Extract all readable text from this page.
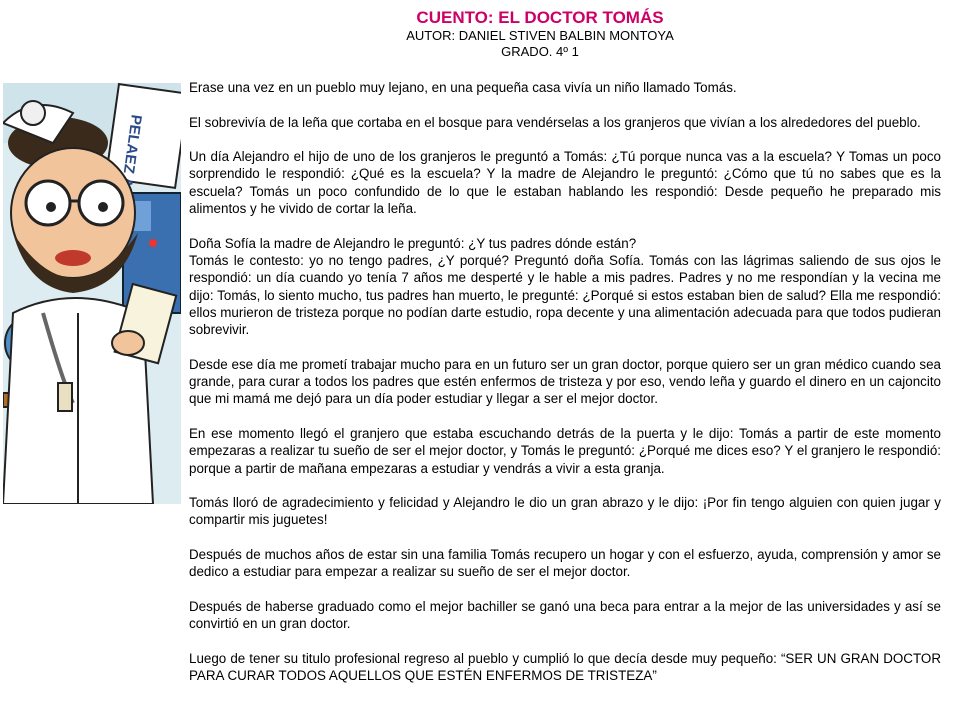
CUENTO: EL DOCTOR TOMÁS
AUTOR: DANIEL STIVEN BALBIN MONTOYA
GRADO. 4º 1
PELAEZ

Erase una vez en un pueblo muy lejano, en una pequeña casa vivía un niño llamado Tomás.

El sobrevivía de la leña que cortaba en el bosque para vendérselas a los granjeros que vivían a los alrededores del pueblo.

Un día Alejandro el hijo de uno de los granjeros le preguntó a Tomás: ¿Tú porque nunca vas a la escuela? Y Tomas un poco sorprendido le respondió: ¿Qué es la escuela? Y la madre de Alejandro le preguntó: ¿Cómo que tú no sabes que es la escuela? Tomás un poco confundido de lo que le estaban hablando les respondió: Desde pequeño he preparado mis alimentos y he vivido de cortar la leña.

Doña Sofía la madre de Alejandro le preguntó: ¿Y tus padres dónde están?

Tomás le contesto: yo no tengo padres, ¿Y porqué? Preguntó doña Sofía. Tomás con las lágrimas saliendo de sus ojos le respondió: un día cuando yo tenía 7 años me desperté y le hable a mis padres. Padres y no me respondían y la vecina me dijo: Tomás, lo siento mucho, tus padres han muerto, le pregunté: ¿Porqué si estos estaban bien de salud? Ella me respondió: ellos murieron de tristeza porque no podían darte estudio, ropa decente y una alimentación adecuada para que todos pudieran sobrevivir.

Desde ese día me prometí trabajar mucho para en un futuro ser un gran doctor, porque quiero ser un gran médico cuando sea grande, para curar a todos los padres que estén enfermos de tristeza y por eso, vendo leña y guardo el dinero en un cajoncito que mi mamá me dejó para un día poder estudiar y llegar a ser el mejor doctor.

En ese momento llegó el granjero que estaba escuchando detrás de la puerta y le dijo: Tomás a partir de este momento empezaras a realizar tu sueño de ser el mejor doctor, y Tomás le preguntó: ¿Porqué me dices eso? Y el granjero le respondió: porque a partir de mañana empezaras a estudiar y vendrás a vivir a esta granja.

Tomás lloró de agradecimiento y felicidad y Alejandro le dio un gran abrazo y le dijo: ¡Por fin tengo alguien con quien jugar y compartir mis juguetes!

Después de muchos años de estar sin una familia Tomás recupero un hogar y con el esfuerzo, ayuda, comprensión y amor se dedico a estudiar para empezar a realizar su sueño de ser el mejor doctor.

Después de haberse graduado como el mejor bachiller se ganó una beca para entrar a la mejor de las universidades y así se convirtió en un gran doctor.

Luego de tener su titulo profesional regreso al pueblo y cumplió lo que decía desde muy pequeño: “SER UN GRAN DOCTOR PARA CURAR TODOS AQUELLOS QUE ESTÉN ENFERMOS DE TRISTEZA”
